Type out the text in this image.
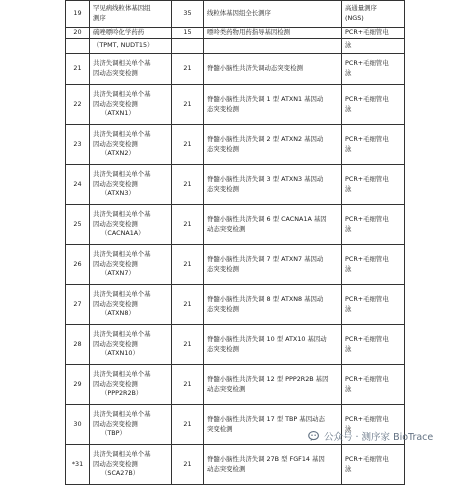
19	罕见病线粒体基因组
测序	35	线粒体基因组全长测序	高通量测序
(NGS)

20	硫唑嘌呤化学药药	15	嘌呤类药物用药指导基因检测	PCR+毛细管电

	（TPMT, NUDT15）			泳

21	共济失调相关单个基
因动态突变检测	21	脊髓小脑性共济失调动态突变检测	PCR+毛细管电
泳

22	共济失调相关单个基
因动态突变检测
（ATXN1）	21	脊髓小脑性共济失调 1 型 ATXN1 基因动
态突变检测	PCR+毛细管电
泳

23	共济失调相关单个基
因动态突变检测
（ATXN2）	21	脊髓小脑性共济失调 2 型 ATXN2 基因动
态突变检测	PCR+毛细管电
泳

24	共济失调相关单个基
因动态突变检测
（ATXN3）	21	脊髓小脑性共济失调 3 型 ATXN3 基因动
态突变检测	PCR+毛细管电
泳

25	共济失调相关单个基
因动态突变检测
（CACNA1A）	21	脊髓小脑性共济失调 6 型 CACNA1A 基因
动态突变检测	PCR+毛细管电
泳

26	共济失调相关单个基
因动态突变检测
（ATXN7）	21	脊髓小脑性共济失调 7 型 ATXN7 基因动
态突变检测	PCR+毛细管电
泳

27	共济失调相关单个基
因动态突变检测
（ATXN8）	21	脊髓小脑性共济失调 8 型 ATXN8 基因动
态突变检测	PCR+毛细管电
泳

28	共济失调相关单个基
因动态突变检测
（ATXN10）	21	脊髓小脑性共济失调 10 型 ATX10 基因动
态突变检测	PCR+毛细管电
泳

29	共济失调相关单个基
因动态突变检测
（PPP2R2B）	21	脊髓小脑性共济失调 12 型 PPP2R2B 基因
动态突变检测	PCR+毛细管电
泳

30	共济失调相关单个基
因动态突变检测
（TBP）	21	脊髓小脑性共济失调 17 型 TBP 基因动态
突变检测	PCR+毛细管电
泳

*31	共济失调相关单个基
因动态突变检测
（SCA27B）	21	脊髓小脑性共济失调 27B 型 FGF14 基因
动态突变检测	PCR+毛细管电
泳
公众号 · 测序家 BioTrace
